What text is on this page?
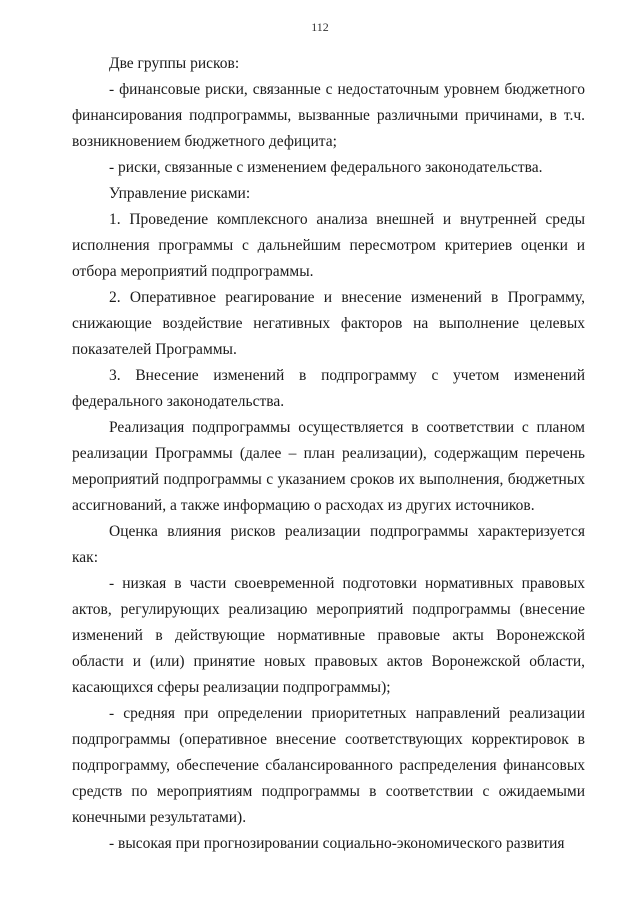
112

Две группы рисков:

- финансовые риски, связанные с недостаточным уровнем бюджетного финансирования подпрограммы, вызванные различными причинами, в т.ч. возникновением бюджетного дефицита;

- риски, связанные с изменением федерального законодательства.

Управление рисками:

1. Проведение комплексного анализа внешней и внутренней среды исполнения программы с дальнейшим пересмотром критериев оценки и отбора мероприятий подпрограммы.

2. Оперативное реагирование и внесение изменений в Программу, снижающие воздействие негативных факторов на выполнение целевых показателей Программы.

3. Внесение изменений в подпрограмму с учетом изменений федерального законодательства.

Реализация подпрограммы осуществляется в соответствии с планом реализации Программы (далее – план реализации), содержащим перечень мероприятий подпрограммы с указанием сроков их выполнения, бюджетных ассигнований, а также информацию о расходах из других источников.

Оценка влияния рисков реализации подпрограммы характеризуется как:

- низкая в части своевременной подготовки нормативных правовых актов, регулирующих реализацию мероприятий подпрограммы (внесение изменений в действующие нормативные правовые акты Воронежской области и (или) принятие новых правовых актов Воронежской области, касающихся сферы реализации подпрограммы);

- средняя при определении приоритетных направлений реализации подпрограммы (оперативное внесение соответствующих корректировок в подпрограмму, обеспечение сбалансированного распределения финансовых средств по мероприятиям подпрограммы в соответствии с ожидаемыми конечными результатами).

- высокая при прогнозировании социально-экономического развития
